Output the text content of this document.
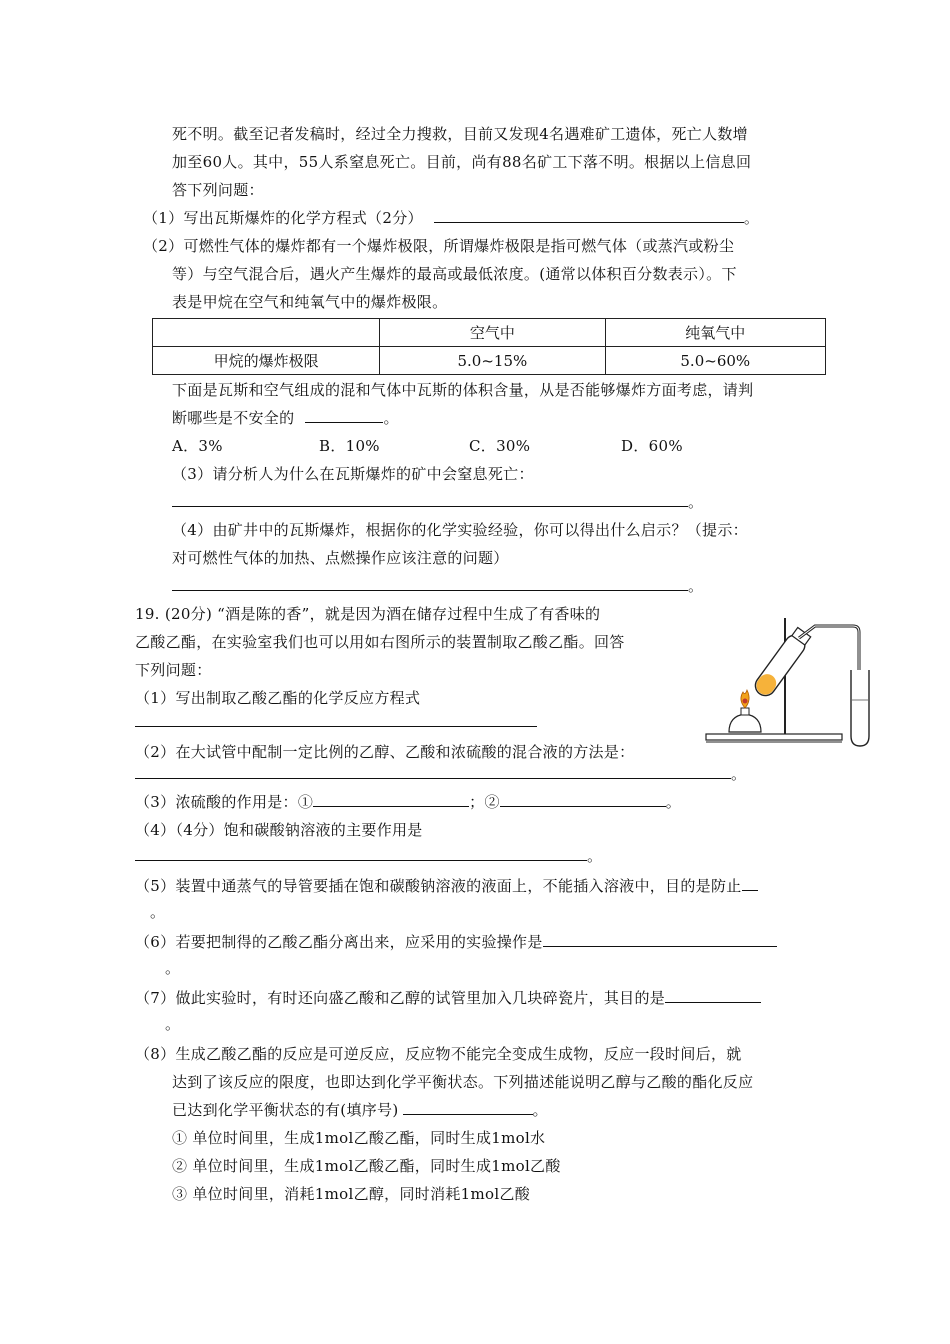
死不明。截至记者发稿时，经过全力搜救，目前又发现4名遇难矿工遗体，死亡人数增
加至60人。其中，55人系窒息死亡。目前，尚有88名矿工下落不明。根据以上信息回
答下列问题：
（1）写出瓦斯爆炸的化学方程式（2分）	。
（2）可燃性气体的爆炸都有一个爆炸极限，所谓爆炸极限是指可燃气体（或蒸汽或粉尘
等）与空气混合后，遇火产生爆炸的最高或最低浓度。(通常以体积百分数表示）。下
表是甲烷在空气和纯氧气中的爆炸极限。
	空气中	纯氧气中
甲烷的爆炸极限	5.0~15%	5.0~60%
下面是瓦斯和空气组成的混和气体中瓦斯的体积含量，从是否能够爆炸方面考虑，请判
断哪些是不安全的	。
A．3%	B．10%	C．30%	D．60%
（3）请分析人为什么在瓦斯爆炸的矿中会窒息死亡：
。
（4）由矿井中的瓦斯爆炸，根据你的化学实验经验，你可以得出什么启示？（提示：
对可燃性气体的加热、点燃操作应该注意的问题）
。
19. (20分) “酒是陈的香”，就是因为酒在储存过程中生成了有香味的
乙酸乙酯，在实验室我们也可以用如右图所示的装置制取乙酸乙酯。回答
下列问题：
（1）写出制取乙酸乙酯的化学反应方程式
（2）在大试管中配制一定比例的乙醇、乙酸和浓硫酸的混合液的方法是：
。
（3）浓硫酸的作用是：①	；②	。
（4）（4分）饱和碳酸钠溶液的主要作用是
。
（5）装置中通蒸气的导管要插在饱和碳酸钠溶液的液面上，不能插入溶液中，目的是防止
。
（6）若要把制得的乙酸乙酯分离出来，应采用的实验操作是
。
（7）做此实验时，有时还向盛乙酸和乙醇的试管里加入几块碎瓷片，其目的是
。
（8）生成乙酸乙酯的反应是可逆反应，反应物不能完全变成生成物，反应一段时间后，就
达到了该反应的限度，也即达到化学平衡状态。下列描述能说明乙醇与乙酸的酯化反应
已达到化学平衡状态的有(填序号)	。
① 单位时间里，生成1mol乙酸乙酯，同时生成1mol水
② 单位时间里，生成1mol乙酸乙酯，同时生成1mol乙酸
③ 单位时间里，消耗1mol乙醇，同时消耗1mol乙酸
